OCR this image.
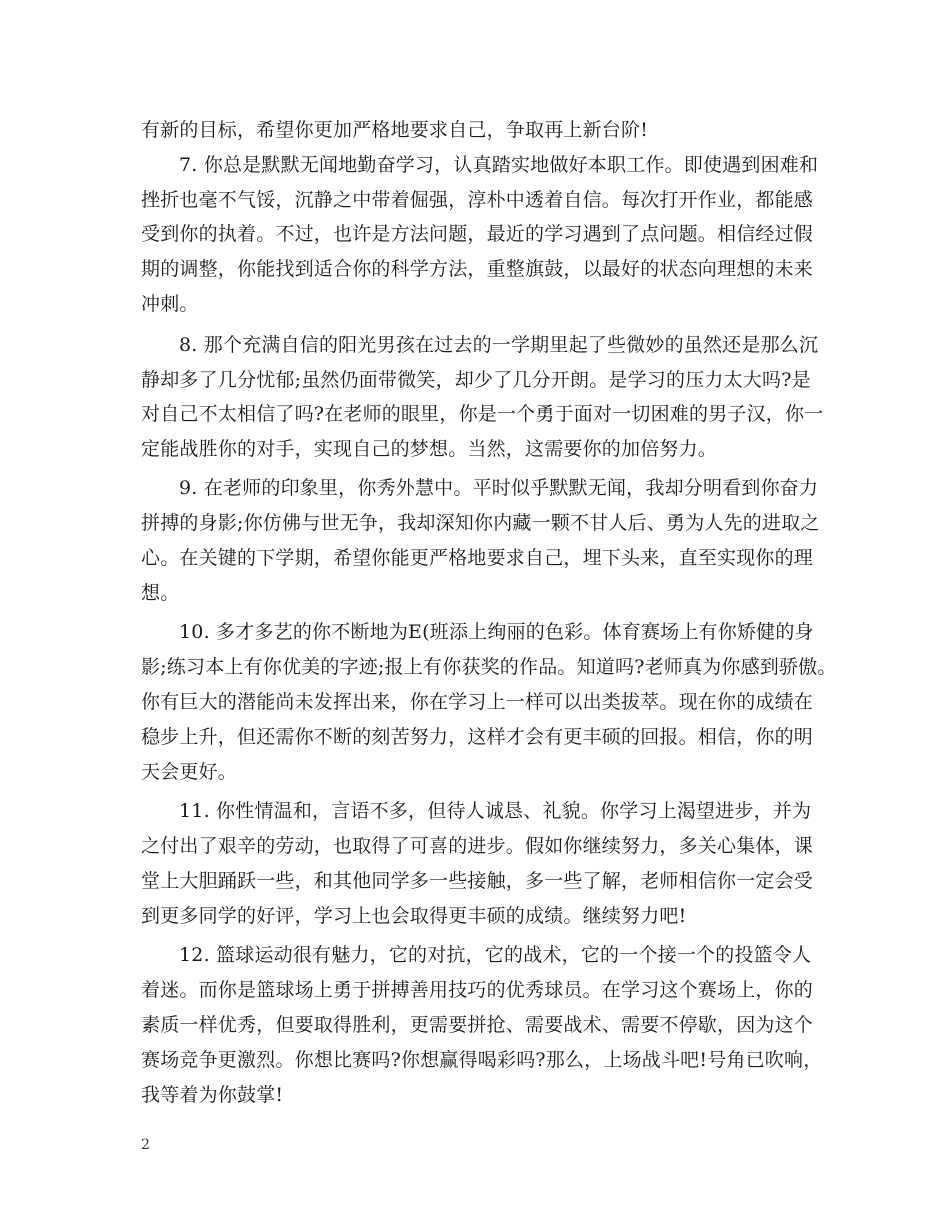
有新的目标，希望你更加严格地要求自己，争取再上新台阶!
7. 你总是默默无闻地勤奋学习，认真踏实地做好本职工作。即使遇到困难和
挫折也毫不气馁，沉静之中带着倔强，淳朴中透着自信。每次打开作业，都能感
受到你的执着。不过，也许是方法问题，最近的学习遇到了点问题。相信经过假
期的调整，你能找到适合你的科学方法，重整旗鼓，以最好的状态向理想的未来
冲刺。
8. 那个充满自信的阳光男孩在过去的一学期里起了些微妙的虽然还是那么沉
静却多了几分忧郁;虽然仍面带微笑，却少了几分开朗。是学习的压力太大吗?是
对自己不太相信了吗?在老师的眼里，你是一个勇于面对一切困难的男子汉，你一
定能战胜你的对手，实现自己的梦想。当然，这需要你的加倍努力。
9. 在老师的印象里，你秀外慧中。平时似乎默默无闻，我却分明看到你奋力
拼搏的身影;你仿佛与世无争，我却深知你内藏一颗不甘人后、勇为人先的进取之
心。在关键的下学期，希望你能更严格地要求自己，埋下头来，直至实现你的理
想。
10. 多才多艺的你不断地为E(班添上绚丽的色彩。体育赛场上有你矫健的身
影;练习本上有你优美的字迹;报上有你获奖的作品。知道吗?老师真为你感到骄傲。
你有巨大的潜能尚未发挥出来，你在学习上一样可以出类拔萃。现在你的成绩在
稳步上升，但还需你不断的刻苦努力，这样才会有更丰硕的回报。相信，你的明
天会更好。
11. 你性情温和，言语不多，但待人诚恳、礼貌。你学习上渴望进步，并为
之付出了艰辛的劳动，也取得了可喜的进步。假如你继续努力，多关心集体，课
堂上大胆踊跃一些，和其他同学多一些接触，多一些了解，老师相信你一定会受
到更多同学的好评，学习上也会取得更丰硕的成绩。继续努力吧!
12. 篮球运动很有魅力，它的对抗，它的战术，它的一个接一个的投篮令人
着迷。而你是篮球场上勇于拼搏善用技巧的优秀球员。在学习这个赛场上，你的
素质一样优秀，但要取得胜利，更需要拼抢、需要战术、需要不停歇，因为这个
赛场竞争更激烈。你想比赛吗?你想赢得喝彩吗?那么，上场战斗吧!号角已吹响，
我等着为你鼓掌!
2
